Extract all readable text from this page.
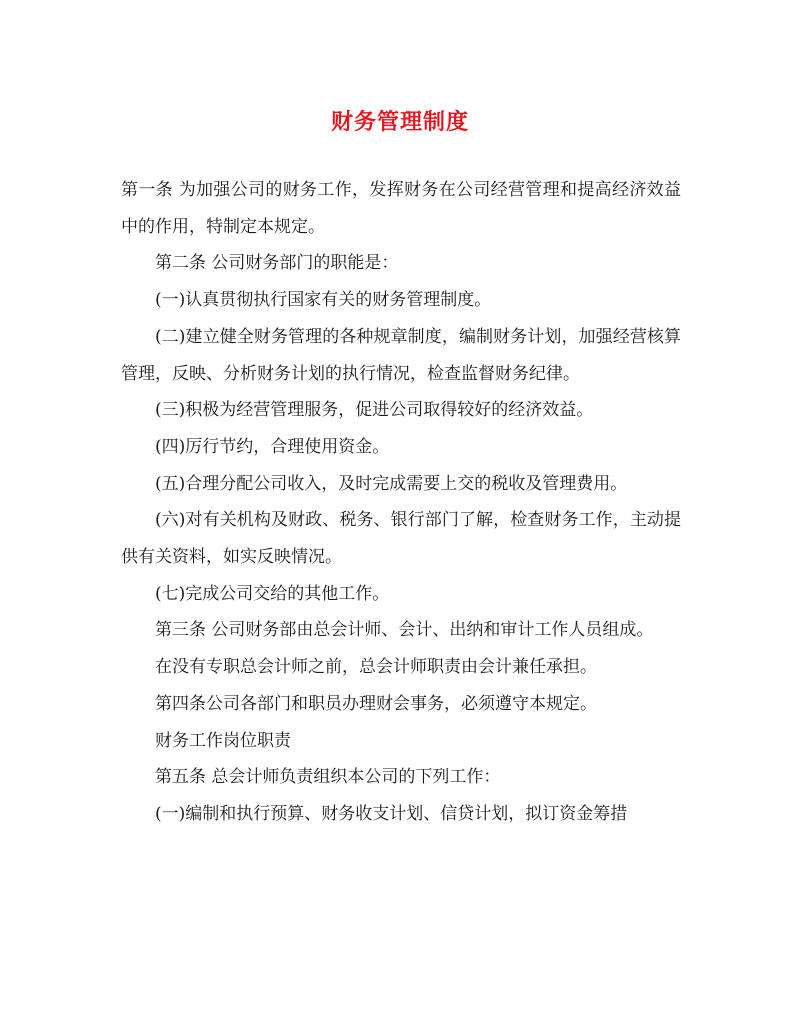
财务管理制度

第一条 为加强公司的财务工作，发挥财务在公司经营管理和提高经济效益中的作用，特制定本规定。

第二条 公司财务部门的职能是：

(一)认真贯彻执行国家有关的财务管理制度。

(二)建立健全财务管理的各种规章制度，编制财务计划，加强经营核算管理，反映、分析财务计划的执行情况，检查监督财务纪律。

(三)积极为经营管理服务，促进公司取得较好的经济效益。

(四)厉行节约，合理使用资金。

(五)合理分配公司收入，及时完成需要上交的税收及管理费用。

(六)对有关机构及财政、税务、银行部门了解，检查财务工作，主动提供有关资料，如实反映情况。

(七)完成公司交给的其他工作。

第三条 公司财务部由总会计师、会计、出纳和审计工作人员组成。

在没有专职总会计师之前，总会计师职责由会计兼任承担。

第四条公司各部门和职员办理财会事务，必须遵守本规定。

财务工作岗位职责

第五条 总会计师负责组织本公司的下列工作：

(一)编制和执行预算、财务收支计划、信贷计划，拟订资金筹措
